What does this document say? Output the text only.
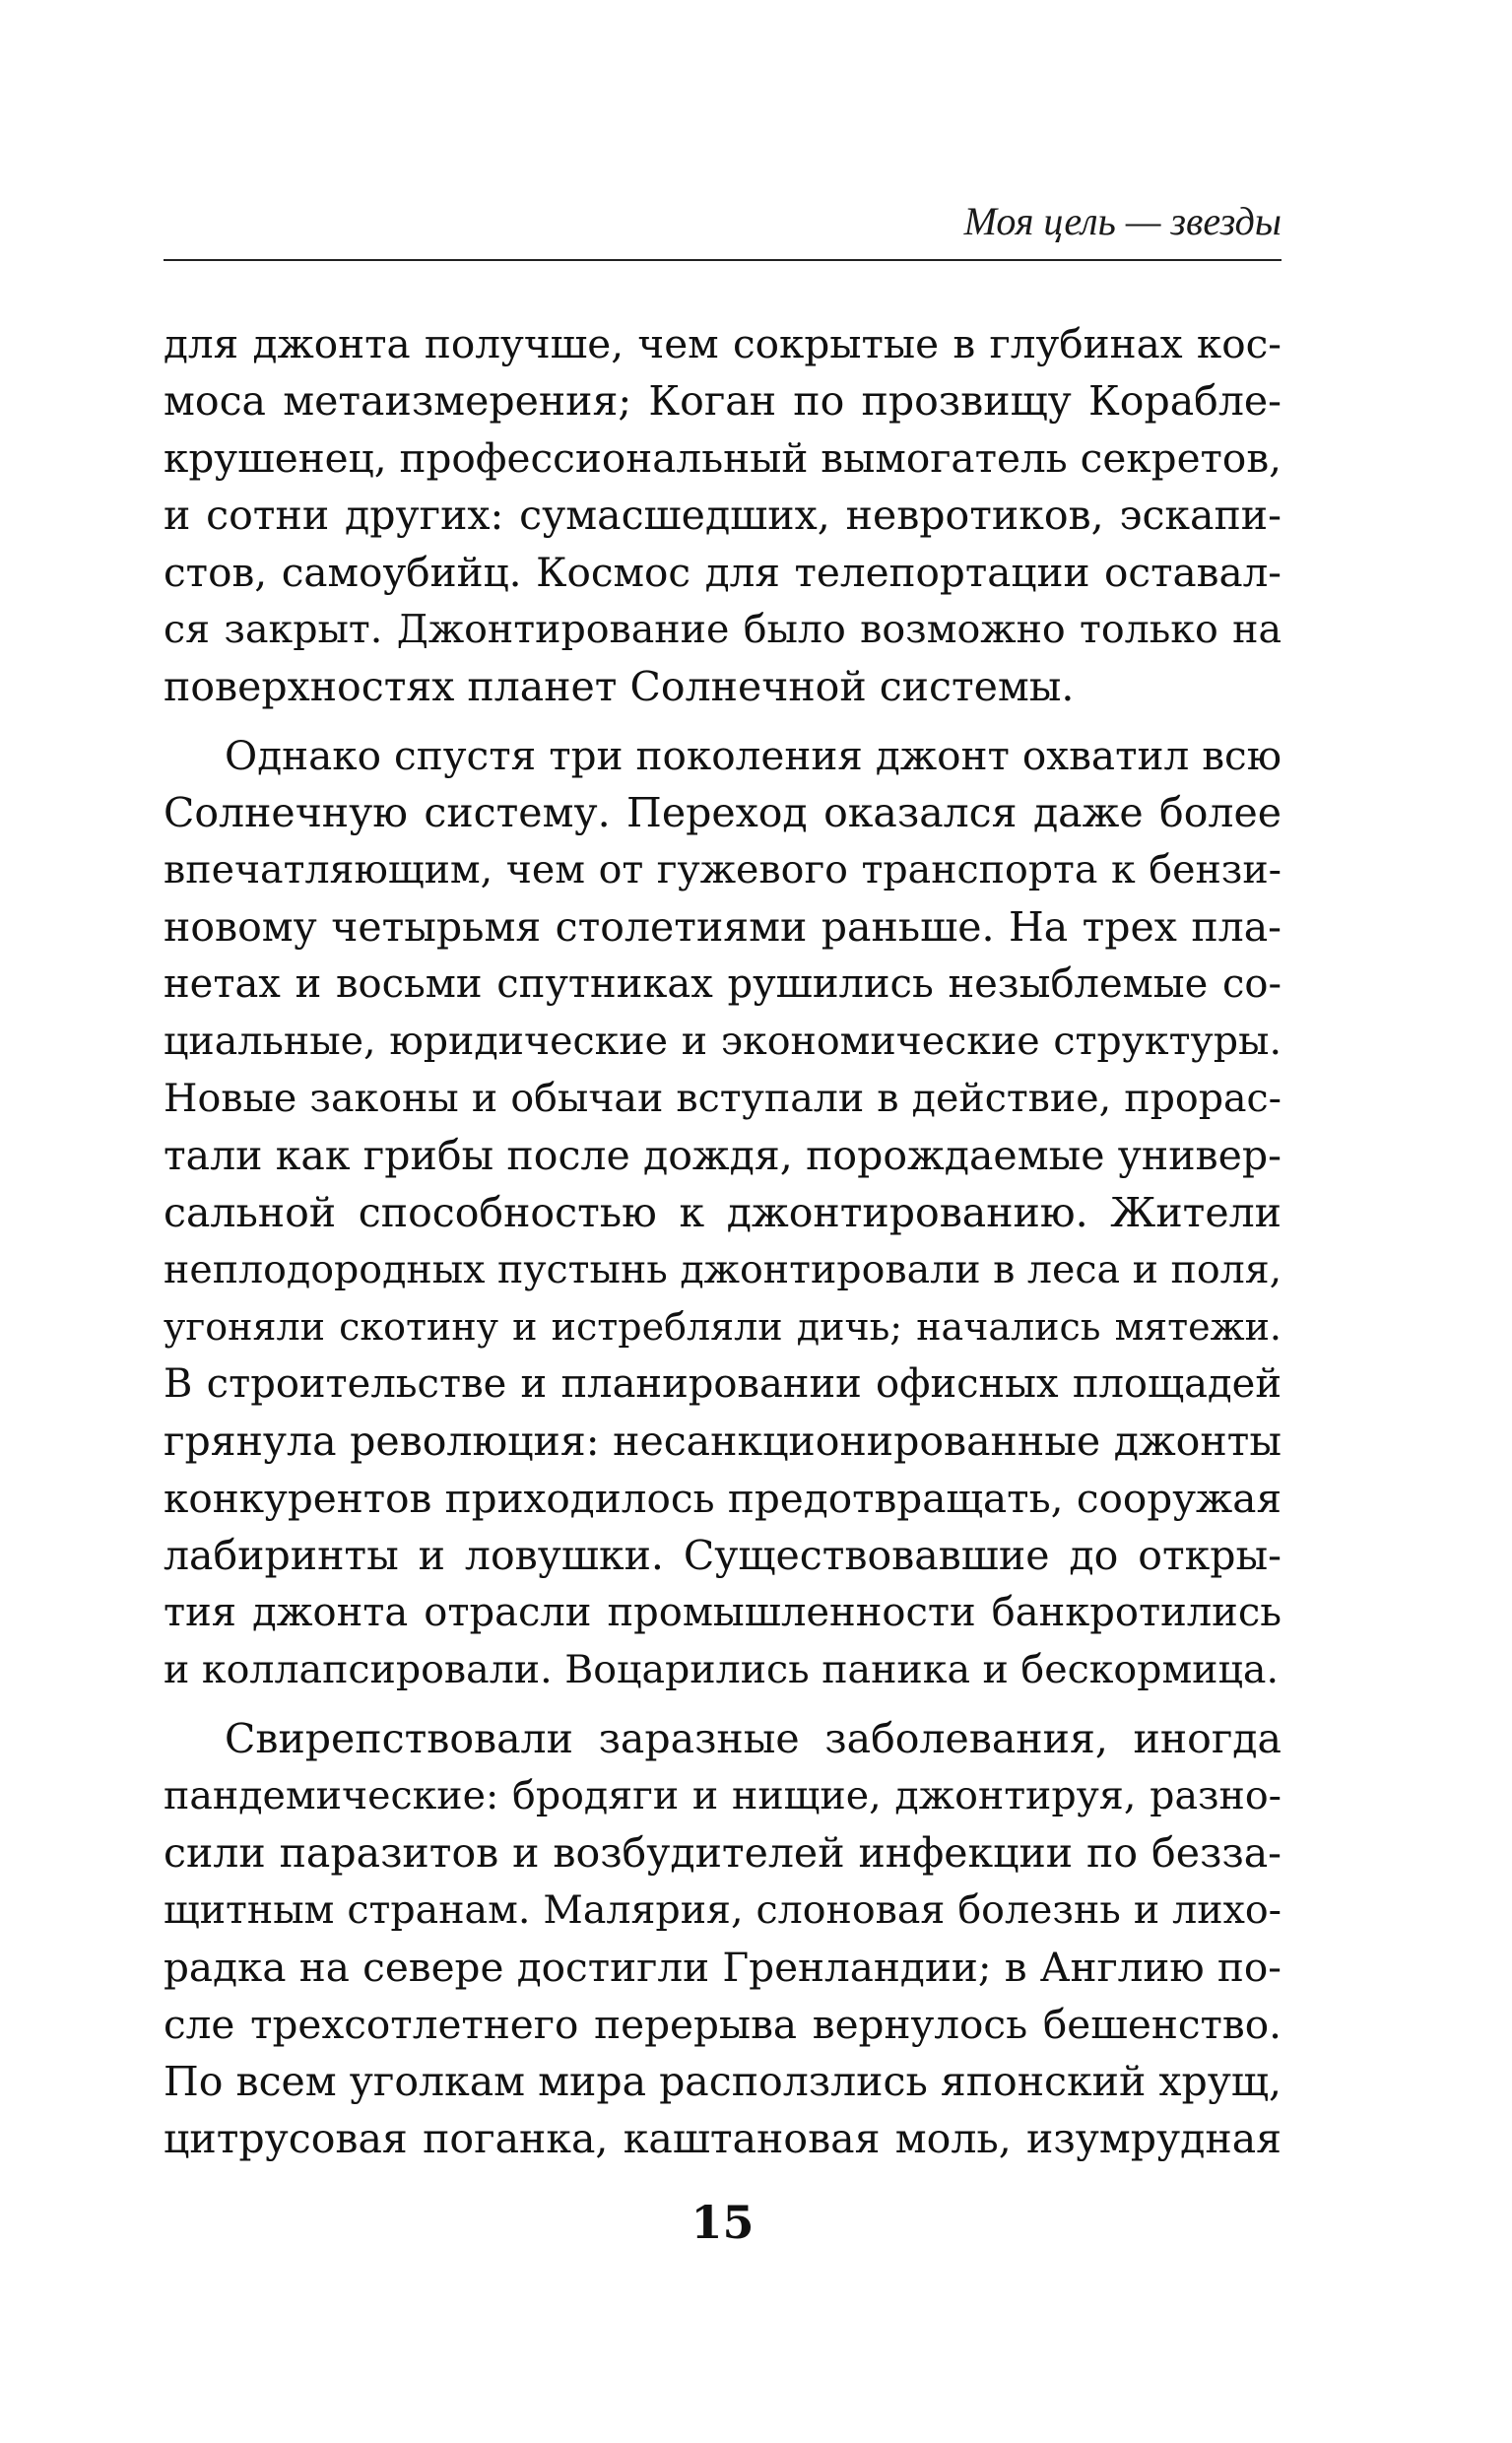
Моя цель — звезды
для джонта получше, чем сокрытые в глубинах кос-
моса метаизмерения; Коган по прозвищу Корабле-
крушенец, профессиональный вымогатель секретов,
и сотни других: сумасшедших, невротиков, эскапи-
стов, самоубийц. Космос для телепортации оставал-
ся закрыт. Джонтирование было возможно только на
поверхностях планет Солнечной системы.
Однако спустя три поколения джонт охватил всю
Солнечную систему. Переход оказался даже более
впечатляющим, чем от гужевого транспорта к бензи-
новому четырьмя столетиями раньше. На трех пла-
нетах и восьми спутниках рушились незыблемые со-
циальные, юридические и экономические структуры.
Новые законы и обычаи вступали в действие, прорас-
тали как грибы после дождя, порождаемые универ-
сальной способностью к джонтированию. Жители
неплодородных пустынь джонтировали в леса и поля,
угоняли скотину и истребляли дичь; начались мятежи.
В строительстве и планировании офисных площадей
грянула революция: несанкционированные джонты
конкурентов приходилось предотвращать, сооружая
лабиринты и ловушки. Существовавшие до откры-
тия джонта отрасли промышленности банкротились
и коллапсировали. Воцарились паника и бескормица.
Свирепствовали заразные заболевания, иногда
пандемические: бродяги и нищие, джонтируя, разно-
сили паразитов и возбудителей инфекции по безза-
щитным странам. Малярия, слоновая болезнь и лихо-
радка на севере достигли Гренландии; в Англию по-
сле трехсотлетнего перерыва вернулось бешенство.
По всем уголкам мира расползлись японский хрущ,
цитрусовая поганка, каштановая моль, изумрудная
15
